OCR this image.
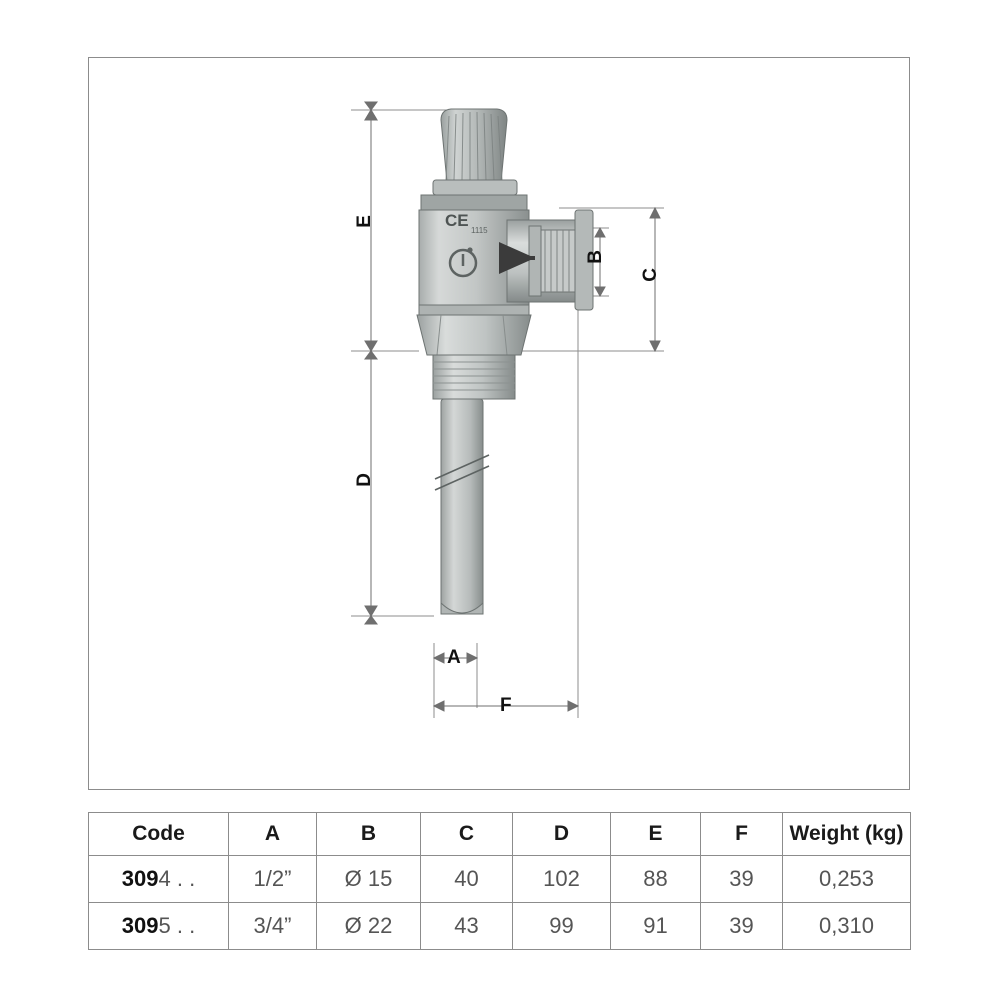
CE
1115
E
D
B
C
A
F
Code	A	B	C	D	E	F	Weight (kg)
3094 . .	1/2”	Ø 15	40	102	88	39	0,253
3095 . .	3/4”	Ø 22	43	99	91	39	0,310
